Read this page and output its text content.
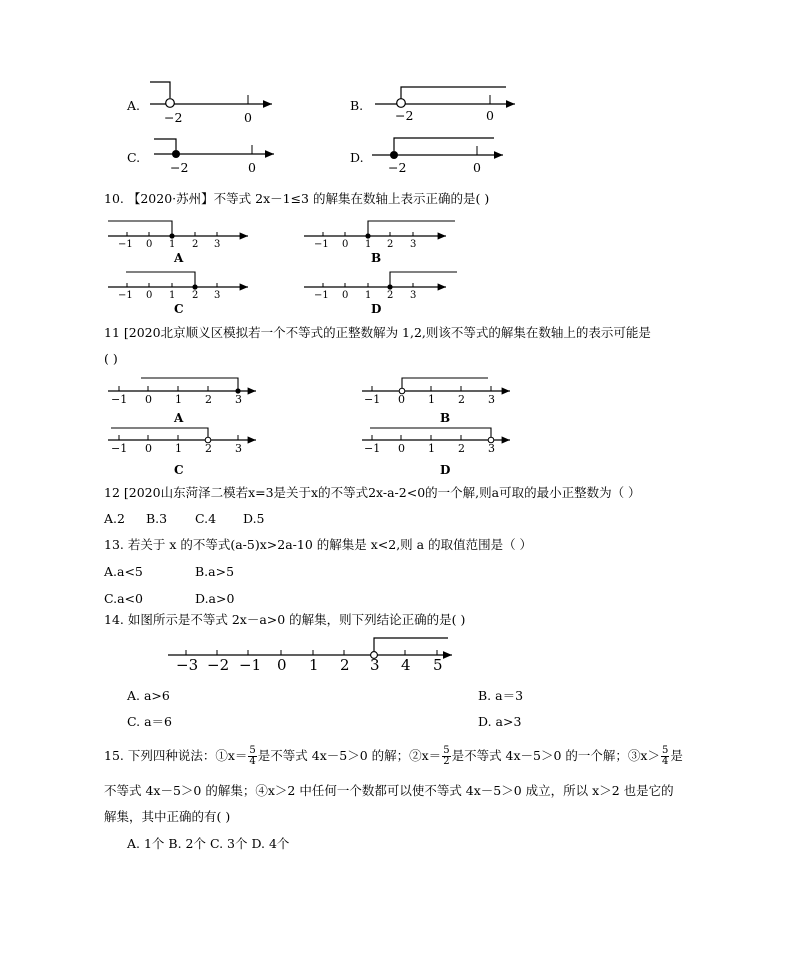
A.
−2	0
B.
−2	0
C.
−2	0
D.
−2	0
10. 【2020·苏州】不等式 2x－1≤3 的解集在数轴上表示正确的是( )
−1 0 1 2 3
A
−1 0 1 2 3
B
−1 0 1 2 3
C
−1 0 1 2 3
D
11 [2020北京顺义区模拟若一个不等式的正整数解为 1,2,则该不等式的解集在数轴上的表示可能是
( )
−1 0 1 2 3
A
−1 0 1 2 3
B
−1 0 1 2 3
C
−1 0 1 2 3
D
12 [2020山东菏泽二模若x=3是关于x的不等式2x-a-2<0的一个解,则a可取的最小正整数为（ ）
A.2 B.3 C.4 D.5
13. 若关于 x 的不等式(a-5)x>2a-10 的解集是 x<2,则 a 的取值范围是（ ）
A.a<5	B.a>5
C.a<0	D.a>0
14. 如图所示是不等式 2x－a>0 的解集，则下列结论正确的是( )
−3 −2 −1 0 1 2 3 4 5
A. a>6	B. a＝3
C. a＝6	D. a>3
15. 下列四种说法：①x＝ $\frac{5}{4}$ 是不等式 4x－5＞0 的解；②x＝ $\frac{5}{2}$ 是不等式 4x－5＞0 的一个解；③x＞ $\frac{5}{4}$ 是
不等式 4x－5＞0 的解集；④x＞2 中任何一个数都可以使不等式 4x－5＞0 成立，所以 x＞2 也是它的
解集，其中正确的有( )
A. 1个 B. 2个 C. 3个 D. 4个
